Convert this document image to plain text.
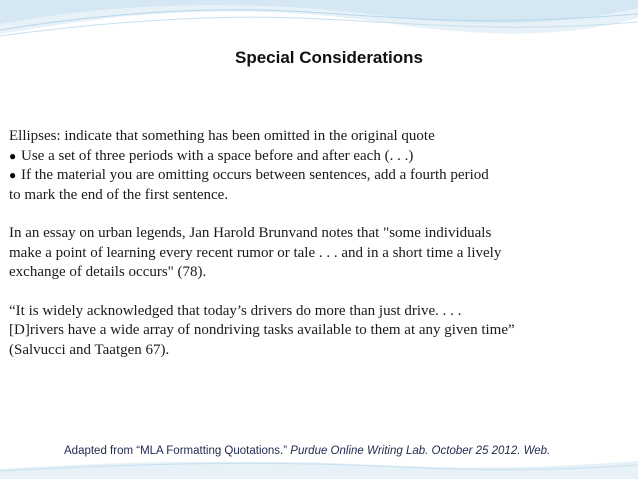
Special Considerations
Ellipses: indicate that something has been omitted in the original quote
● Use a set of three periods with a space before and after each (. . .)
● If the material you are omitting occurs between sentences, add a fourth period
to mark the end of the first sentence.
In an essay on urban legends, Jan Harold Brunvand notes that "some individuals
make a point of learning every recent rumor or tale . . . and in a short time a lively
exchange of details occurs" (78).
“It is widely acknowledged that today’s drivers do more than just drive. . . .
[D]rivers have a wide array of nondriving tasks available to them at any given time”
(Salvucci and Taatgen 67).
Adapted from “MLA Formatting Quotations.” Purdue Online Writing Lab. October 25 2012. Web.
